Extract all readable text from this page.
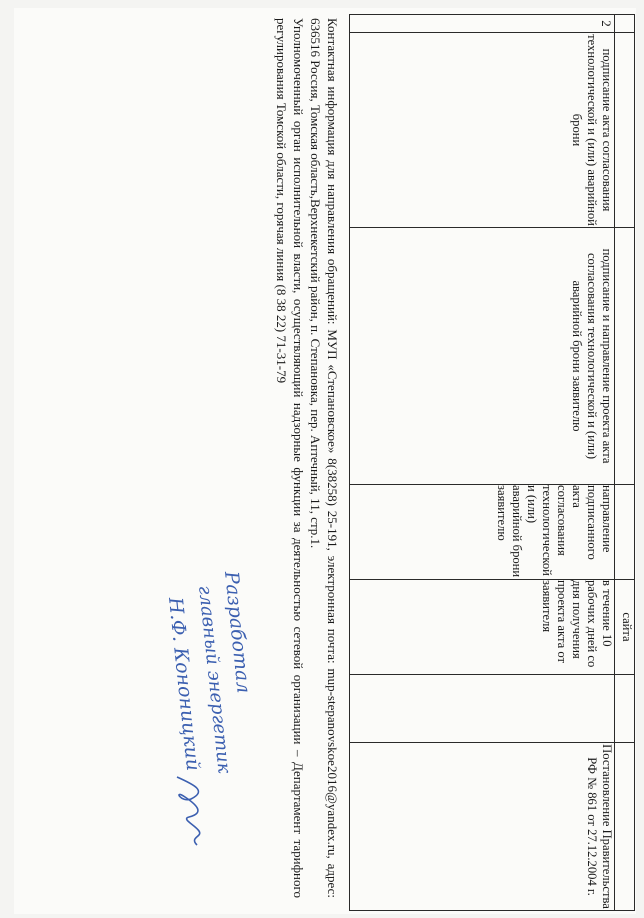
				сайта		
2	подписание акта согласования технологической и (или) аварийной брони	подписание и направление проекта акта согласования технологической и (или) аварийной брони заявителю	направление подписанного акта согласования технологической и (или) аварийной брони заявителю	в течение 10 рабочих дней со дня получения проекта акта от заявителя		Постановление Правительства РФ № 861 от 27.12.2004 г.

Контактная информация для направления обращений: МУП «Степановское» 8(38258) 25-191, электронная почта: mup-stepanovskoe2016@yandex.ru, адрес: 636516 Россия, Томская область,Верхнекетский район, п. Степановка, пер. Аптечный, 11, стр.1.

Уполномоченный орган исполнительной власти, осуществляющий надзорные функции за деятельностью сетевой организации – Департамент тарифного регулирования Томской области, горячая линия (8 38 22) 71-31-79

Разработал
главный энергетик
Н.Ф. Кононицкий
